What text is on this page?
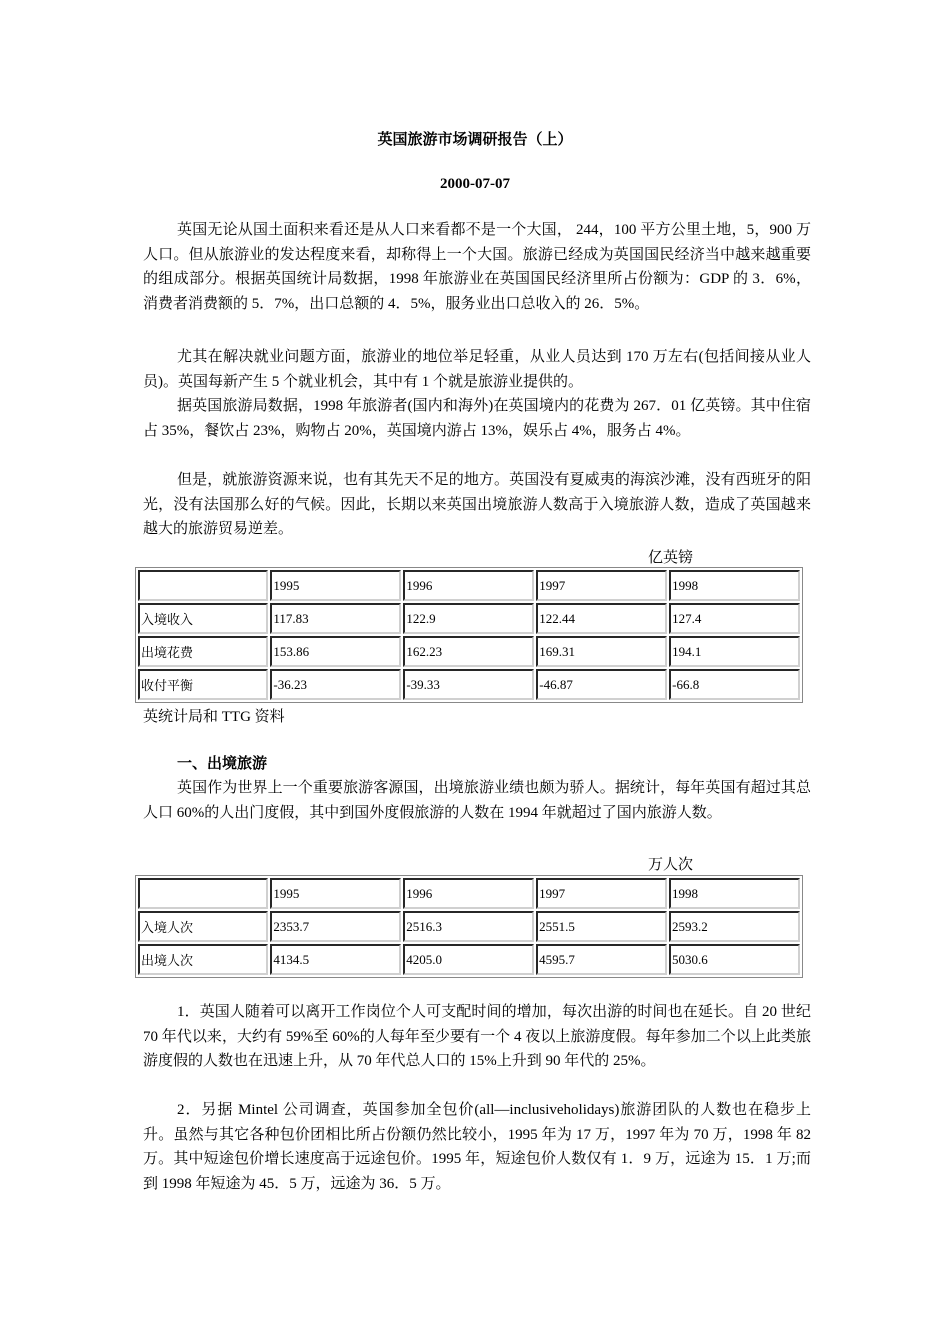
英国旅游市场调研报告（上）
2000-07-07

英国无论从国土面积来看还是从人口来看都不是一个大国， 244，100 平方公里土地，5，900 万人口。但从旅游业的发达程度来看，却称得上一个大国。旅游已经成为英国国民经济当中越来越重要的组成部分。根据英国统计局数据，1998 年旅游业在英国国民经济里所占份额为：GDP 的 3．6%，消费者消费额的 5．7%，出口总额的 4．5%，服务业出口总收入的 26．5%。

尤其在解决就业问题方面，旅游业的地位举足轻重，从业人员达到 170 万左右(包括间接从业人员)。英国每新产生 5 个就业机会，其中有 1 个就是旅游业提供的。

据英国旅游局数据，1998 年旅游者(国内和海外)在英国境内的花费为 267．01 亿英镑。其中住宿占 35%，餐饮占 23%，购物占 20%，英国境内游占 13%，娱乐占 4%，服务占 4%。

但是，就旅游资源来说，也有其先天不足的地方。英国没有夏威夷的海滨沙滩，没有西班牙的阳光，没有法国那么好的气候。因此，长期以来英国出境旅游人数高于入境旅游人数，造成了英国越来越大的旅游贸易逆差。

亿英镑
	1995	1996	1997	1998
入境收入	117.83	122.9	122.44	127.4
出境花费	153.86	162.23	169.31	194.1
收付平衡	-36.23	-39.33	-46.87	-66.8
英统计局和 TTG 资料
一、出境旅游

英国作为世界上一个重要旅游客源国，出境旅游业绩也颇为骄人。据统计，每年英国有超过其总人口 60%的人出门度假，其中到国外度假旅游的人数在 1994 年就超过了国内旅游人数。

万人次
	1995	1996	1997	1998
入境人次	2353.7	2516.3	2551.5	2593.2
出境人次	4134.5	4205.0	4595.7	5030.6

1．英国人随着可以离开工作岗位个人可支配时间的增加，每次出游的时间也在延长。自 20 世纪 70 年代以来，大约有 59%至 60%的人每年至少要有一个 4 夜以上旅游度假。每年参加二个以上此类旅游度假的人数也在迅速上升，从 70 年代总人口的 15%上升到 90 年代的 25%。

2．另据 Mintel 公司调查，英国参加全包价(all—inclusiveholidays)旅游团队的人数也在稳步上升。虽然与其它各种包价团相比所占份额仍然比较小，1995 年为 17 万，1997 年为 70 万，1998 年 82 万。其中短途包价增长速度高于远途包价。1995 年，短途包价人数仅有 1．9 万，远途为 15．1 万;而到 1998 年短途为 45．5 万，远途为 36．5 万。
